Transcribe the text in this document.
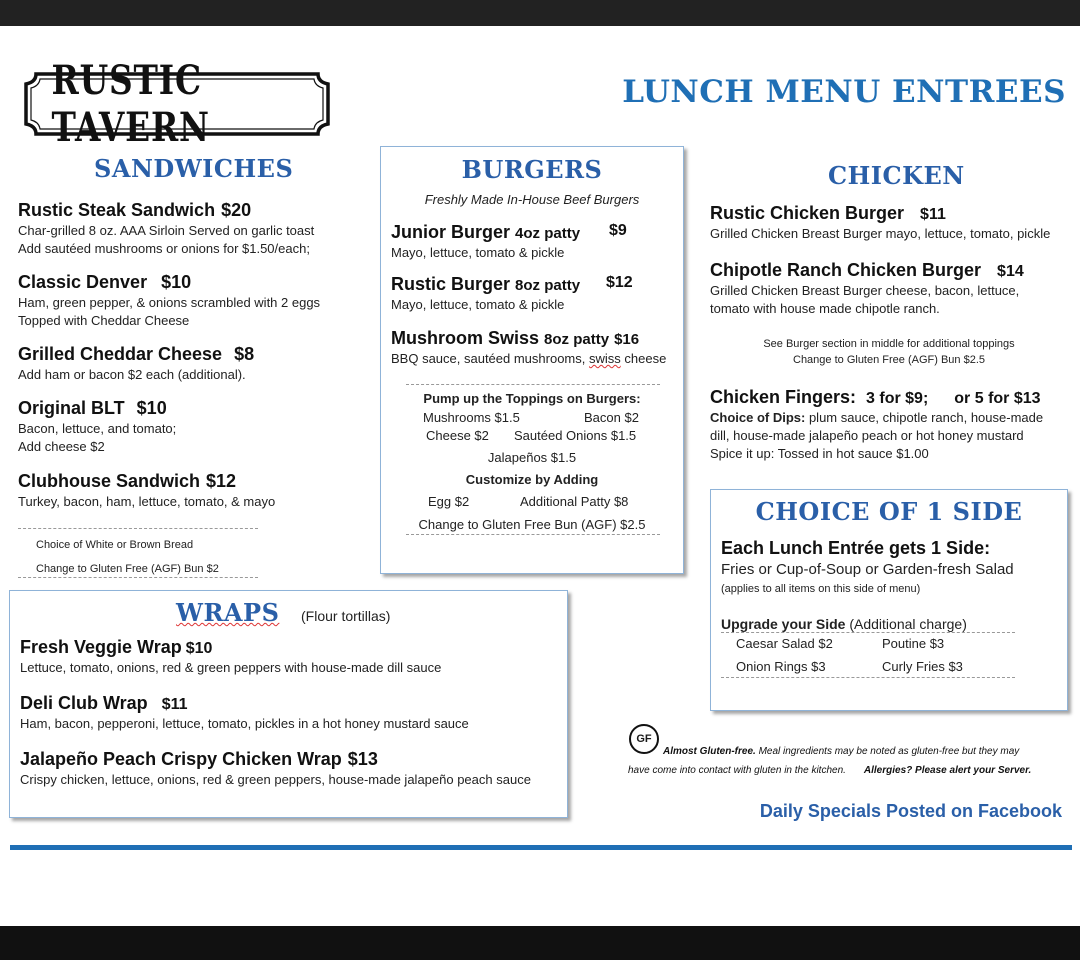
RUSTIC TAVERN
LUNCH MENU ENTREES
SANDWICHES
Rustic Steak Sandwich $20
Char-grilled 8 oz. AAA Sirloin Served on garlic toast
Add sautéed mushrooms or onions for $1.50/each;
Classic Denver $10
Ham, green pepper, & onions scrambled with 2 eggs
Topped with Cheddar Cheese
Grilled Cheddar Cheese $8
Add ham or bacon $2 each (additional).
Original BLT $10
Bacon, lettuce, and tomato;
Add cheese $2
Clubhouse Sandwich $12
Turkey, bacon, ham, lettuce, tomato, & mayo
Choice of White or Brown Bread
Change to Gluten Free (AGF) Bun $2
BURGERS
Freshly Made In-House Beef Burgers
Junior Burger 4oz patty $9
Mayo, lettuce, tomato & pickle
Rustic Burger 8oz patty $12
Mayo, lettuce, tomato & pickle
Mushroom Swiss 8oz patty $16
BBQ sauce, sautéed mushrooms, swiss cheese
Pump up the Toppings on Burgers:
Mushrooms $1.5	Bacon $2
Cheese $2 Sautéed Onions $1.5
Jalapeños $1.5
Customize by Adding
Egg $2	Additional Patty $8
Change to Gluten Free Bun (AGF) $2.5
CHICKEN
Rustic Chicken Burger $11
Grilled Chicken Breast Burger mayo, lettuce, tomato, pickle
Chipotle Ranch Chicken Burger $14
Grilled Chicken Breast Burger cheese, bacon, lettuce,
tomato with house made chipotle ranch.
See Burger section in middle for additional toppings
Change to Gluten Free (AGF) Bun $2.5
Chicken Fingers: 3 for $9; or 5 for $13
Choice of Dips: plum sauce, chipotle ranch, house-made
dill, house-made jalapeño peach or hot honey mustard
Spice it up: Tossed in hot sauce $1.00
CHOICE OF 1 SIDE
Each Lunch Entrée gets 1 Side:
Fries or Cup-of-Soup or Garden-fresh Salad
(applies to all items on this side of menu)
Upgrade your Side (Additional charge)
Caesar Salad $2	Poutine $3
Onion Rings $3	Curly Fries $3
WRAPS (Flour tortillas)
Fresh Veggie Wrap $10
Lettuce, tomato, onions, red & green peppers with house-made dill sauce
Deli Club Wrap $11
Ham, bacon, pepperoni, lettuce, tomato, pickles in a hot honey mustard sauce
Jalapeño Peach Crispy Chicken Wrap $13
Crispy chicken, lettuce, onions, red & green peppers, house-made jalapeño peach sauce
GF
Almost Gluten-free. Meal ingredients may be noted as gluten-free but they may
have come into contact with gluten in the kitchen. Allergies? Please alert your Server.
Daily Specials Posted on Facebook
